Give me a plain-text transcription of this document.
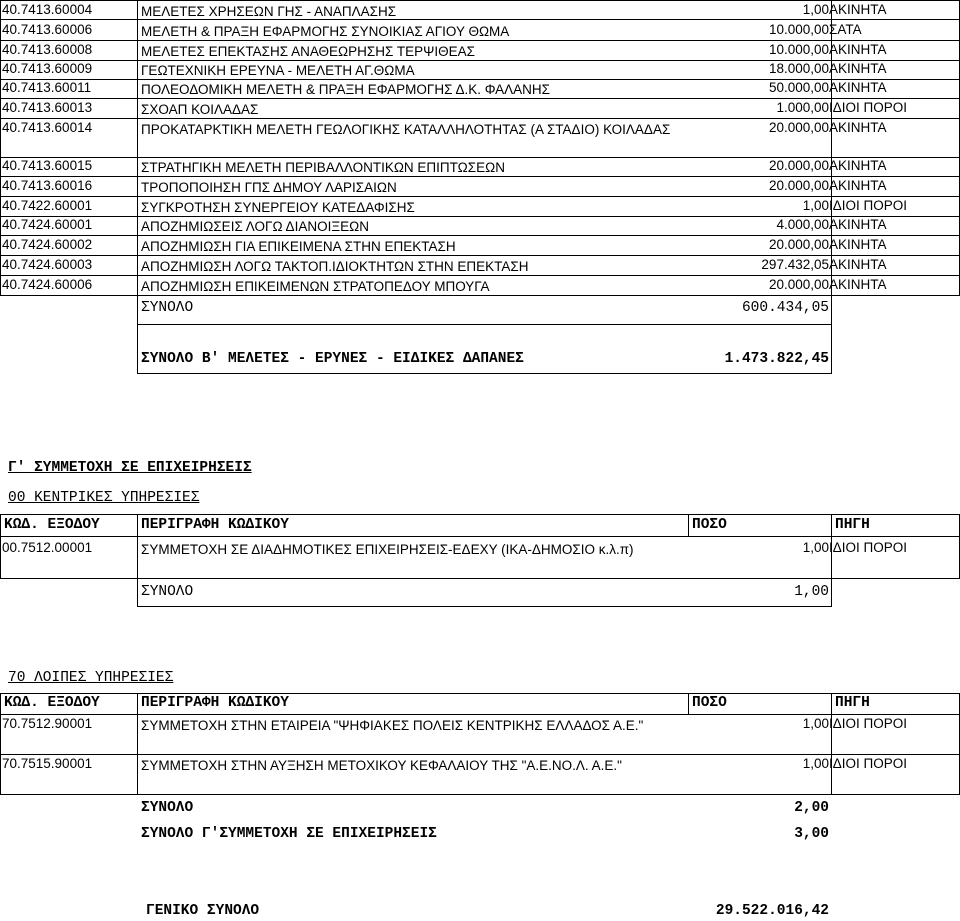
40.7413.60004	ΜΕΛΕΤΕΣ ΧΡΗΣΕΩΝ ΓΗΣ - ΑΝΑΠΛΑΣΗΣ	1,00 ΑΚΙΝΗΤΑ
40.7413.60006	ΜΕΛΕΤΗ & ΠΡΑΞΗ ΕΦΑΡΜΟΓΗΣ ΣΥΝΟΙΚΙΑΣ ΑΓΙΟΥ ΘΩΜΑ	10.000,00 ΣΑΤΑ
40.7413.60008	ΜΕΛΕΤΕΣ ΕΠΕΚΤΑΣΗΣ ΑΝΑΘΕΩΡΗΣΗΣ ΤΕΡΨΙΘΕΑΣ	10.000,00 ΑΚΙΝΗΤΑ
40.7413.60009	ΓΕΩΤΕΧΝΙΚΗ ΕΡΕΥΝΑ - ΜΕΛΕΤΗ ΑΓ.ΘΩΜΑ	18.000,00 ΑΚΙΝΗΤΑ
40.7413.60011	ΠΟΛΕΟΔΟΜΙΚΗ ΜΕΛΕΤΗ & ΠΡΑΞΗ ΕΦΑΡΜΟΓΗΣ Δ.Κ. ΦΑΛΑΝΗΣ	50.000,00 ΑΚΙΝΗΤΑ
40.7413.60013	ΣΧΟΑΠ ΚΟΙΛΑΔΑΣ	1.000,00 ΙΔΙΟΙ ΠΟΡΟΙ
40.7413.60014	ΠΡΟΚΑΤΑΡΚΤΙΚΗ ΜΕΛΕΤΗ ΓΕΩΛΟΓΙΚΗΣ ΚΑΤΑΛΛΗΛΟΤΗΤΑΣ (Α ΣΤΑΔΙΟ) ΚΟΙΛΑΔΑΣ	20.000,00 ΑΚΙΝΗΤΑ
40.7413.60015	ΣΤΡΑΤΗΓΙΚΗ ΜΕΛΕΤΗ ΠΕΡΙΒΑΛΛΟΝΤΙΚΩΝ ΕΠΙΠΤΩΣΕΩΝ	20.000,00 ΑΚΙΝΗΤΑ
40.7413.60016	ΤΡΟΠΟΠΟΙΗΣΗ ΓΠΣ ΔΗΜΟΥ ΛΑΡΙΣΑΙΩΝ	20.000,00 ΑΚΙΝΗΤΑ
40.7422.60001	ΣΥΓΚΡΟΤΗΣΗ ΣΥΝΕΡΓΕΙΟΥ ΚΑΤΕΔΑΦΙΣΗΣ	1,00 ΙΔΙΟΙ ΠΟΡΟΙ
40.7424.60001	ΑΠΟΖΗΜΙΩΣΕΙΣ ΛΟΓΩ ΔΙΑΝΟΙΞΕΩΝ	4.000,00 ΑΚΙΝΗΤΑ
40.7424.60002	ΑΠΟΖΗΜΙΩΣΗ ΓΙΑ ΕΠΙΚΕΙΜΕΝΑ ΣΤΗΝ ΕΠΕΚΤΑΣΗ	20.000,00 ΑΚΙΝΗΤΑ
40.7424.60003	ΑΠΟΖΗΜΙΩΣΗ ΛΟΓΩ ΤΑΚΤΟΠ.ΙΔΙΟΚΤΗΤΩΝ ΣΤΗΝ ΕΠΕΚΤΑΣΗ	297.432,05 ΑΚΙΝΗΤΑ
40.7424.60006	ΑΠΟΖΗΜΙΩΣΗ ΕΠΙΚΕΙΜΕΝΩΝ ΣΤΡΑΤΟΠΕΔΟΥ ΜΠΟΥΓΑ	20.000,00 ΑΚΙΝΗΤΑ
ΣΥΝΟΛΟ	600.434,05
ΣΥΝΟΛΟ Β' ΜΕΛΕΤΕΣ - ΕΡΥΝΕΣ - ΕΙΔΙΚΕΣ ΔΑΠΑΝΕΣ	1.473.822,45
Γ' ΣΥΜΜΕΤΟΧΗ ΣΕ ΕΠΙΧΕΙΡΗΣΕΙΣ
00 ΚΕΝΤΡΙΚΕΣ ΥΠΗΡΕΣΙΕΣ
ΚΩΔ. ΕΞΟΔΟΥ	ΠΕΡΙΓΡΑΦΗ ΚΩΔΙΚΟΥ	ΠΟΣΟ	ΠΗΓΗ
00.7512.00001	ΣΥΜΜΕΤΟΧΗ ΣΕ ΔΙΑΔΗΜΟΤΙΚΕΣ ΕΠΙΧΕΙΡΗΣΕΙΣ-ΕΔΕΧΥ (ΙΚΑ-ΔΗΜΟΣΙΟ κ.λ.π)	1,00 ΙΔΙΟΙ ΠΟΡΟΙ
ΣΥΝΟΛΟ	1,00
70 ΛΟΙΠΕΣ ΥΠΗΡΕΣΙΕΣ
ΚΩΔ. ΕΞΟΔΟΥ	ΠΕΡΙΓΡΑΦΗ ΚΩΔΙΚΟΥ	ΠΟΣΟ	ΠΗΓΗ
70.7512.90001	ΣΥΜΜΕΤΟΧΗ ΣΤΗΝ ΕΤΑΙΡΕΙΑ "ΨΗΦΙΑΚΕΣ ΠΟΛΕΙΣ ΚΕΝΤΡΙΚΗΣ ΕΛΛΑΔΟΣ Α.Ε."	1,00 ΙΔΙΟΙ ΠΟΡΟΙ
70.7515.90001	ΣΥΜΜΕΤΟΧΗ ΣΤΗΝ ΑΥΞΗΣΗ ΜΕΤΟΧΙΚΟΥ ΚΕΦΑΛΑΙΟΥ ΤΗΣ "Α.Ε.ΝΟ.Λ. Α.Ε."	1,00 ΙΔΙΟΙ ΠΟΡΟΙ
ΣΥΝΟΛΟ	2,00
ΣΥΝΟΛΟ Γ'ΣΥΜΜΕΤΟΧΗ ΣΕ ΕΠΙΧΕΙΡΗΣΕΙΣ	3,00
ΓΕΝΙΚΟ ΣΥΝΟΛΟ	29.522.016,42
